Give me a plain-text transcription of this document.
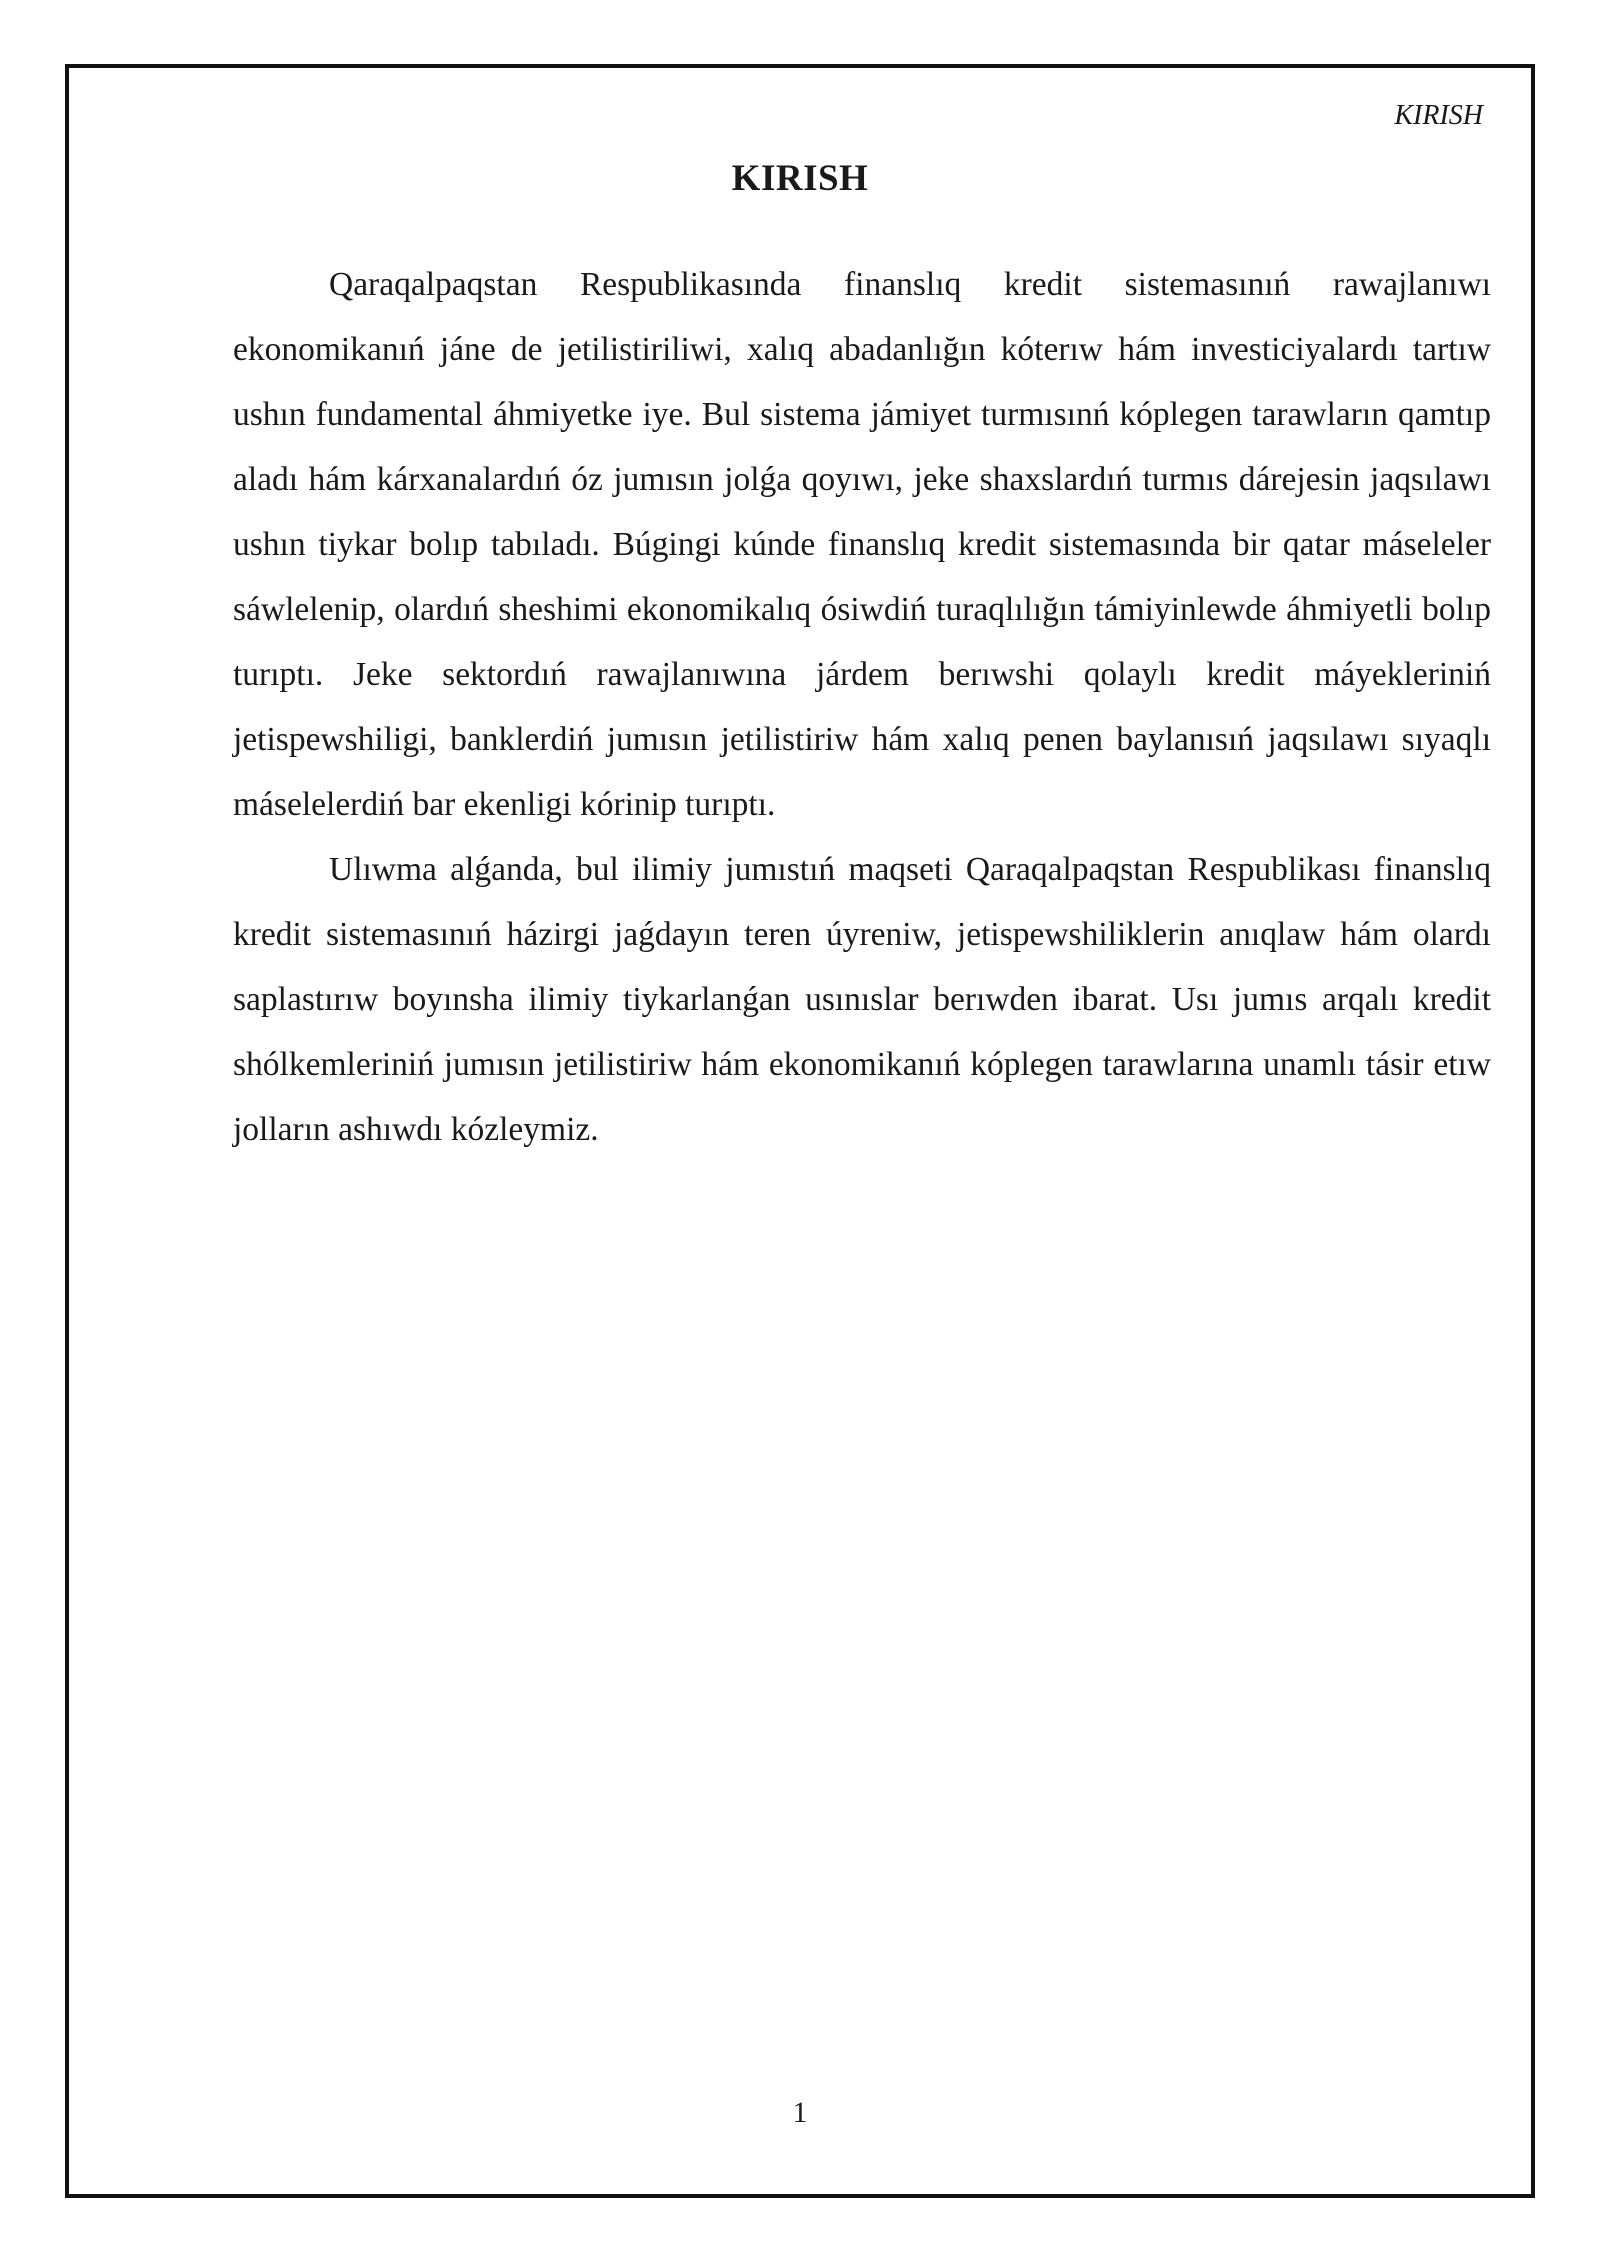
KIRISH
KIRISH

Qaraqalpaqstan Respublikasında finanslıq kredit sistemasınıń rawajlanıwı ekonomikanıń jáne de jetilistiriliwi, xalıq abadanlığın kóterıw hám investiciyalardı tartıw ushın fundamental áhmiyetke iye. Bul sistema jámiyet turmısınń kóplegen tarawların qamtıp aladı hám kárxanalardıń óz jumısın jolǵa qoyıwı, jeke shaxslardıń turmıs dárejesin jaqsılawı ushın tiykar bolıp tabıladı. Búgingi kúnde finanslıq kredit sistemasında bir qatar máseleler sáwlelenip, olardıń sheshimi ekonomikalıq ósiwdiń turaqlılığın támiyinlewde áhmiyetli bolıp turıptı. Jeke sektordıń rawajlanıwına járdem berıwshi qolaylı kredit máyekleriniń jetispewshiligi, banklerdiń jumısın jetilistiriw hám xalıq penen baylanısıń jaqsılawı sıyaqlı máselelerdiń bar ekenligi kórinip turıptı.

Ulıwma alǵanda, bul ilimiy jumıstıń maqseti Qaraqalpaqstan Respublikası finanslıq kredit sistemasınıń házirgi jaǵdayın teren úyreniw, jetispewshiliklerin anıqlaw hám olardı saplastırıw boyınsha ilimiy tiykarlanǵan usınıslar berıwden ibarat. Usı jumıs arqalı kredit shólkemleriniń jumısın jetilistiriw hám ekonomikanıń kóplegen tarawlarına unamlı tásir etıw jolların ashıwdı kózleymiz.

1
